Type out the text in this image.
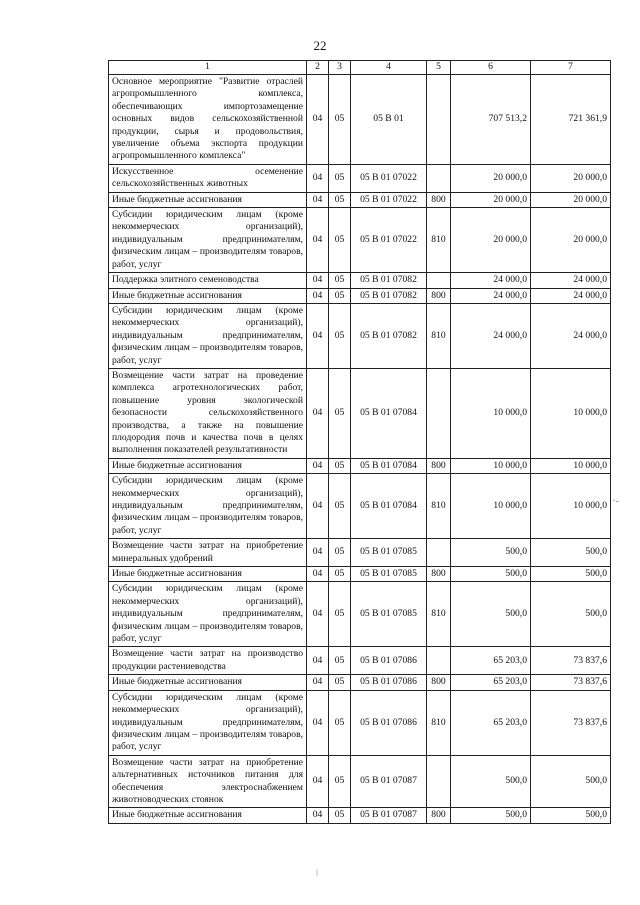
22
1	2	3	4	5	6	7
Основное мероприятие "Развитие отраслей агропромышленного комплекса, обеспечивающих импортозамещение основных видов сельскохозяйственной продукции, сырья и продовольствия, увеличение объема экспорта продукции агропромышленного комплекса"	04	05	05 В 01		707 513,2	721 361,9
Искусственное осеменение сельскохозяйственных животных	04	05	05 В 01 07022		20 000,0	20 000,0
Иные бюджетные ассигнования	04	05	05 В 01 07022	800	20 000,0	20 000,0
Субсидии юридическим лицам (кроме некоммерческих организаций), индивидуальным предпринимателям, физическим лицам – производителям товаров, работ, услуг	04	05	05 В 01 07022	810	20 000,0	20 000,0
Поддержка элитного семеноводства	04	05	05 В 01 07082		24 000,0	24 000,0
Иные бюджетные ассигнования	04	05	05 В 01 07082	800	24 000,0	24 000,0
Субсидии юридическим лицам (кроме некоммерческих организаций), индивидуальным предпринимателям, физическим лицам – производителям товаров, работ, услуг	04	05	05 В 01 07082	810	24 000,0	24 000,0
Возмещение части затрат на проведение комплекса агротехнологических работ, повышение уровня экологической безопасности сельскохозяйственного производства, а также на повышение плодородия почв и качества почв в целях выполнения показателей результативности	04	05	05 В 01 07084		10 000,0	10 000,0
Иные бюджетные ассигнования	04	05	05 В 01 07084	800	10 000,0	10 000,0
Субсидии юридическим лицам (кроме некоммерческих организаций), индивидуальным предпринимателям, физическим лицам – производителям товаров, работ, услуг	04	05	05 В 01 07084	810	10 000,0	10 000,0
Возмещение части затрат на приобретение минеральных удобрений	04	05	05 В 01 07085		500,0	500,0
Иные бюджетные ассигнования	04	05	05 В 01 07085	800	500,0	500,0
Субсидии юридическим лицам (кроме некоммерческих организаций), индивидуальным предпринимателям, физическим лицам – производителям товаров, работ, услуг	04	05	05 В 01 07085	810	500,0	500,0
Возмещение части затрат на производство продукции растениеводства	04	05	05 В 01 07086		65 203,0	73 837,6
Иные бюджетные ассигнования	04	05	05 В 01 07086	800	65 203,0	73 837,6
Субсидии юридическим лицам (кроме некоммерческих организаций), индивидуальным предпринимателям, физическим лицам – производителям товаров, работ, услуг	04	05	05 В 01 07086	810	65 203,0	73 837,6
Возмещение части затрат на приобретение альтернативных источников питания для обеспечения электроснабжением животноводческих стоянок	04	05	05 В 01 07087		500,0	500,0
Иные бюджетные ассигнования	04	05	05 В 01 07087	800	500,0	500,0
·-
ǀ
